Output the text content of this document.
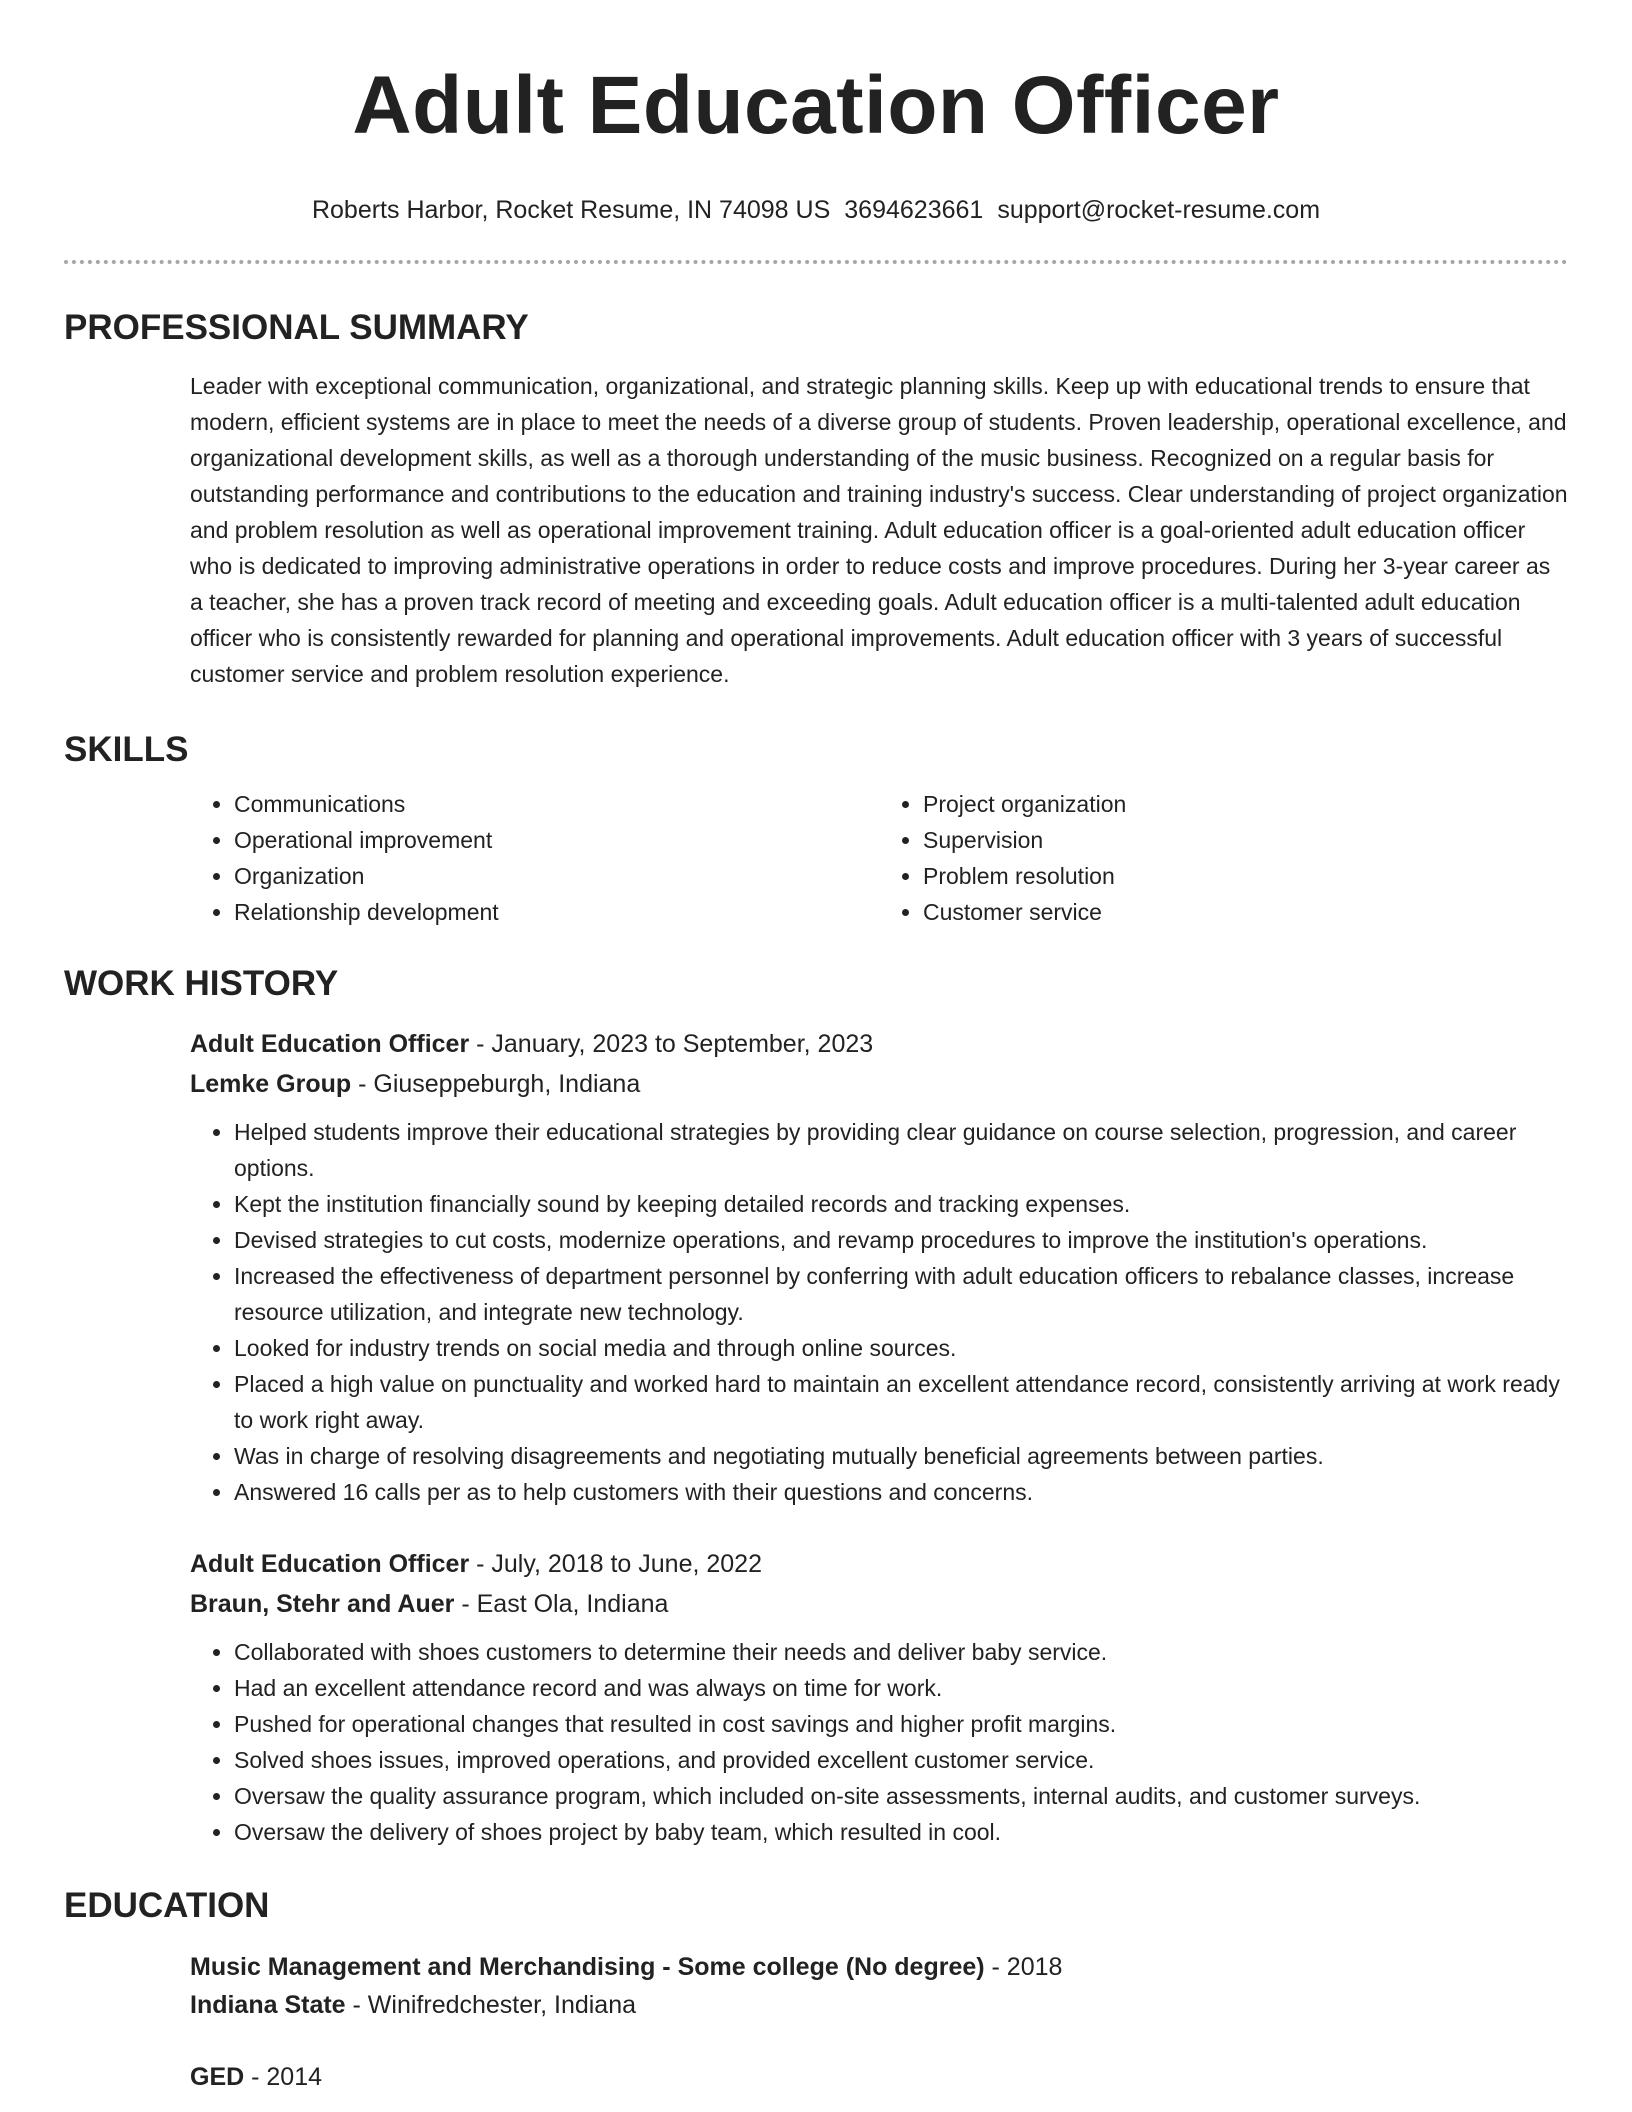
Adult Education Officer
Roberts Harbor, Rocket Resume, IN 74098 US 3694623661 support@rocket-resume.com
PROFESSIONAL SUMMARY
Leader with exceptional communication, organizational, and strategic planning skills. Keep up with educational trends to ensure that modern, efficient systems are in place to meet the needs of a diverse group of students. Proven leadership, operational excellence, and organizational development skills, as well as a thorough understanding of the music business. Recognized on a regular basis for outstanding performance and contributions to the education and training industry's success. Clear understanding of project organization and problem resolution as well as operational improvement training. Adult education officer is a goal-oriented adult education officer who is dedicated to improving administrative operations in order to reduce costs and improve procedures. During her 3-year career as a teacher, she has a proven track record of meeting and exceeding goals. Adult education officer is a multi-talented adult education officer who is consistently rewarded for planning and operational improvements. Adult education officer with 3 years of successful customer service and problem resolution experience.
SKILLS
• Communications
• Operational improvement
• Organization
• Relationship development
• Project organization
• Supervision
• Problem resolution
• Customer service
WORK HISTORY
Adult Education Officer - January, 2023 to September, 2023
Lemke Group - Giuseppeburgh, Indiana
• Helped students improve their educational strategies by providing clear guidance on course selection, progression, and career options.
• Kept the institution financially sound by keeping detailed records and tracking expenses.
• Devised strategies to cut costs, modernize operations, and revamp procedures to improve the institution's operations.
• Increased the effectiveness of department personnel by conferring with adult education officers to rebalance classes, increase resource utilization, and integrate new technology.
• Looked for industry trends on social media and through online sources.
• Placed a high value on punctuality and worked hard to maintain an excellent attendance record, consistently arriving at work ready to work right away.
• Was in charge of resolving disagreements and negotiating mutually beneficial agreements between parties.
• Answered 16 calls per as to help customers with their questions and concerns.
Adult Education Officer - July, 2018 to June, 2022
Braun, Stehr and Auer - East Ola, Indiana
• Collaborated with shoes customers to determine their needs and deliver baby service.
• Had an excellent attendance record and was always on time for work.
• Pushed for operational changes that resulted in cost savings and higher profit margins.
• Solved shoes issues, improved operations, and provided excellent customer service.
• Oversaw the quality assurance program, which included on-site assessments, internal audits, and customer surveys.
• Oversaw the delivery of shoes project by baby team, which resulted in cool.
EDUCATION
Music Management and Merchandising - Some college (No degree) - 2018
Indiana State - Winifredchester, Indiana
GED - 2014
